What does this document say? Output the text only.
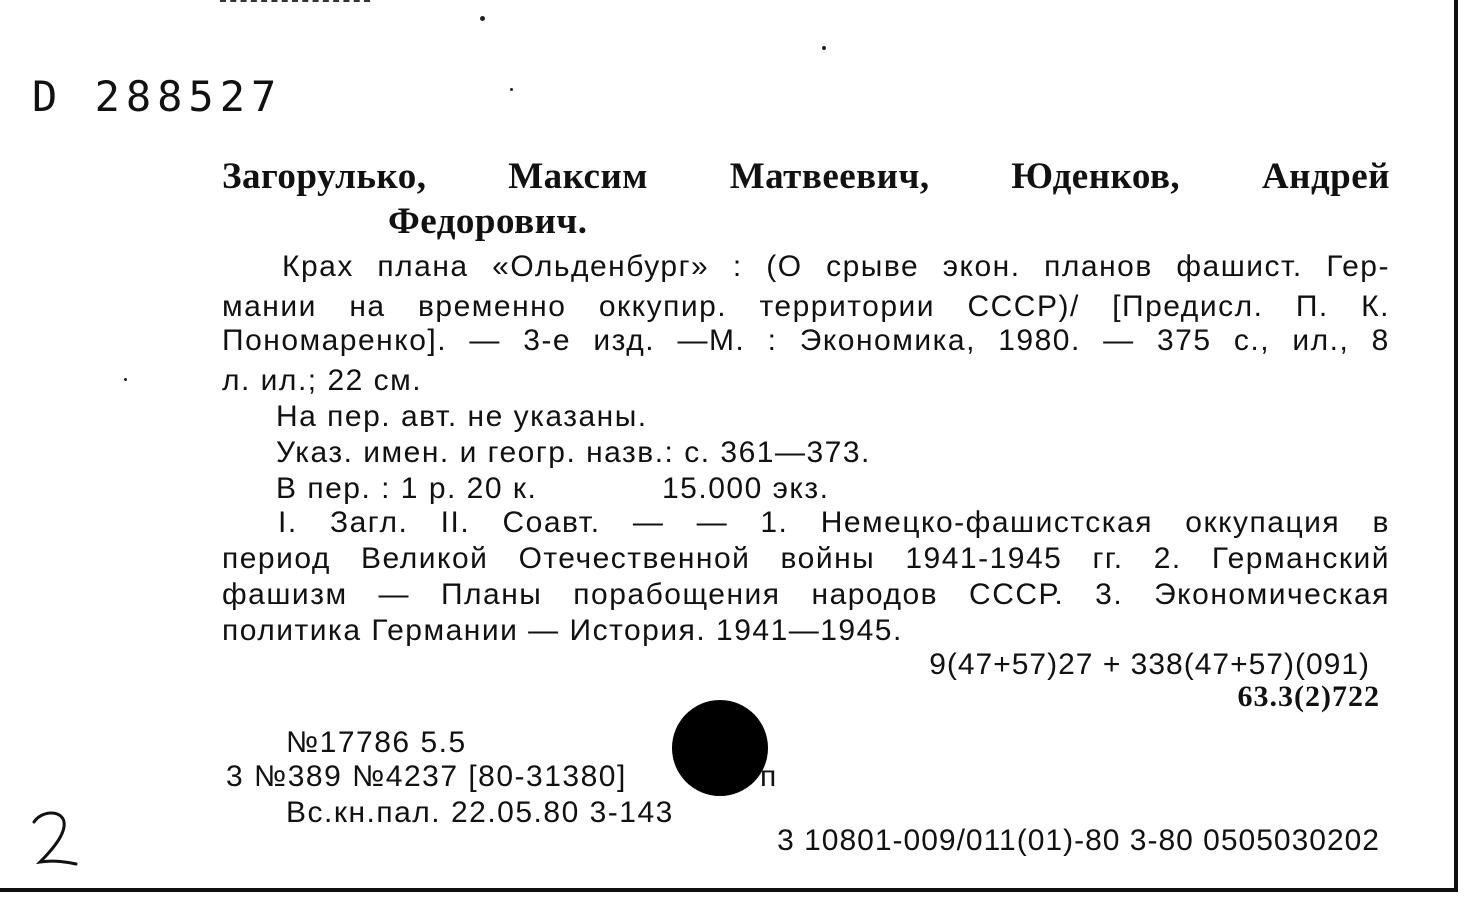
D 288527
Загорулько, Максим Матвеевич, Юденков, Андрей
Федорович.
Крах плана «Ольденбург» : (О срыве экон. планов фашист. Гер-
мании на временно оккупир. территории СССР)/ [Предисл. П. К.
Пономаренко]. — 3-е изд. —М. : Экономика, 1980. — 375 с., ил., 8
л. ил.; 22 см.
На пер. авт. не указаны.
Указ. имен. и геогр. назв.: с. 361—373.
В пер. : 1 р. 20 к.	15.000 экз.
I. Загл. II. Соавт. — — 1. Немецко-фашистская оккупация в
период Великой Отечественной войны 1941-1945 гг. 2. Германский
фашизм — Планы порабощения народов СССР. 3. Экономическая
политика Германии — История. 1941—1945.
9(47+57)27 + 338(47+57)(091)
63.3(2)722
№17786 5.5
3 №389 №4237 [80-31380]	п
Вс.кн.пал. 22.05.80 3-143
3 10801-009/011(01)-80 3-80 0505030202
